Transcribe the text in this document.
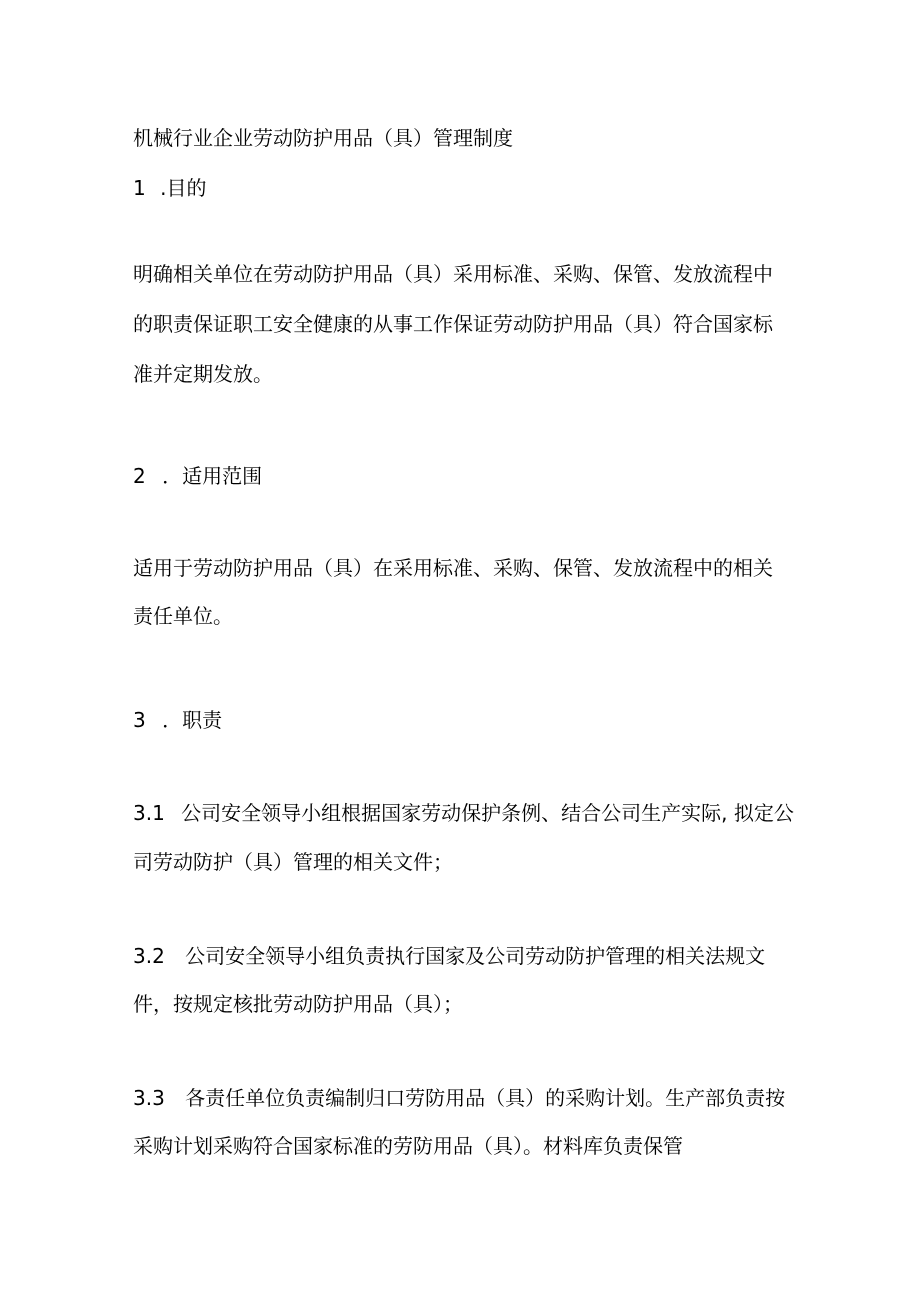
机械行业企业劳动防护用品（具）管理制度
1 .目的
明确相关单位在劳动防护用品（具）采用标准、采购、保管、发放流程中
的职责保证职工安全健康的从事工作保证劳动防护用品（具）符合国家标
准并定期发放。
2 ．适用范围
适用于劳动防护用品（具）在采用标准、采购、保管、发放流程中的相关
责任单位。
3 ．职责
3.1 公司安全领导小组根据国家劳动保护条例、结合公司生产实际, 拟定公
司劳动防护（具）管理的相关文件；
3.2 公司安全领导小组负责执行国家及公司劳动防护管理的相关法规文
件，按规定核批劳动防护用品（具）；
3.3 各责任单位负责编制归口劳防用品（具）的采购计划。生产部负责按
采购计划采购符合国家标准的劳防用品（具）。材料库负责保管
